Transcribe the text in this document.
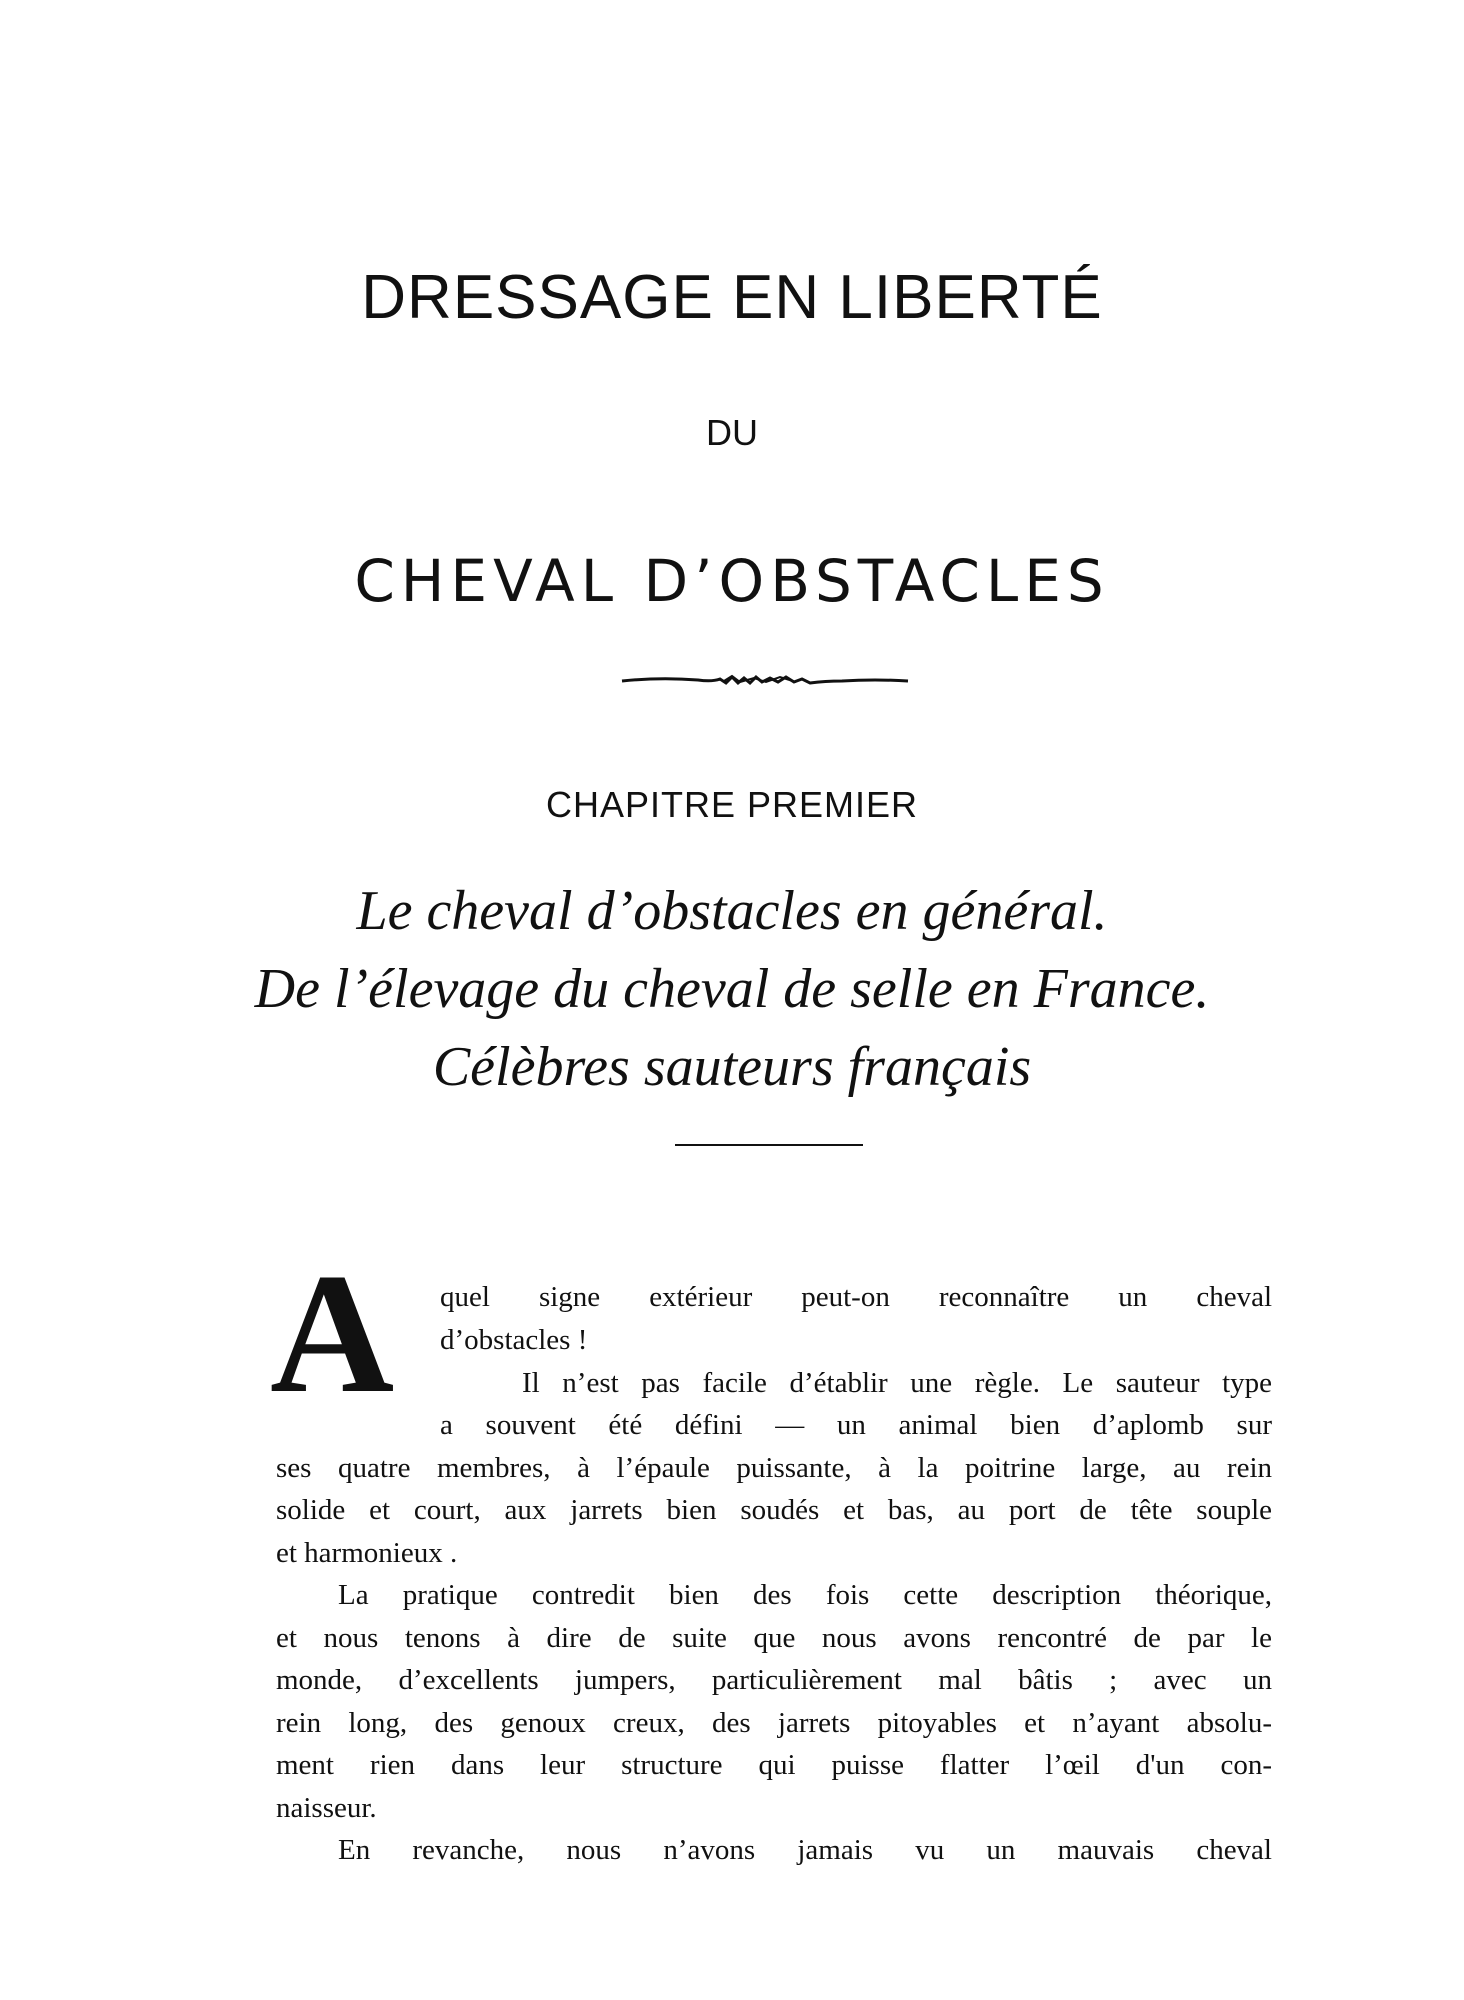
DRESSAGE EN LIBERTÉ
DU
CHEVAL D’OBSTACLES
CHAPITRE PREMIER
Le cheval d’obstacles en général.
De l’élevage du cheval de selle en France.
Célèbres sauteurs français
A quel signe extérieur peut-on reconnaître un cheval
d’obstacles !
Il n’est pas facile d’établir une règle. Le sauteur type
a souvent été défini — un animal bien d’aplomb sur
ses quatre membres, à l’épaule puissante, à la poitrine large, au rein
solide et court, aux jarrets bien soudés et bas, au port de tête souple
et harmonieux .
La pratique contredit bien des fois cette description théorique,
et nous tenons à dire de suite que nous avons rencontré de par le
monde, d’excellents jumpers, particulièrement mal bâtis ; avec un
rein long, des genoux creux, des jarrets pitoyables et n’ayant absolu-
ment rien dans leur structure qui puisse flatter l’œil d'un con-
naisseur.
En revanche, nous n’avons jamais vu un mauvais cheval
